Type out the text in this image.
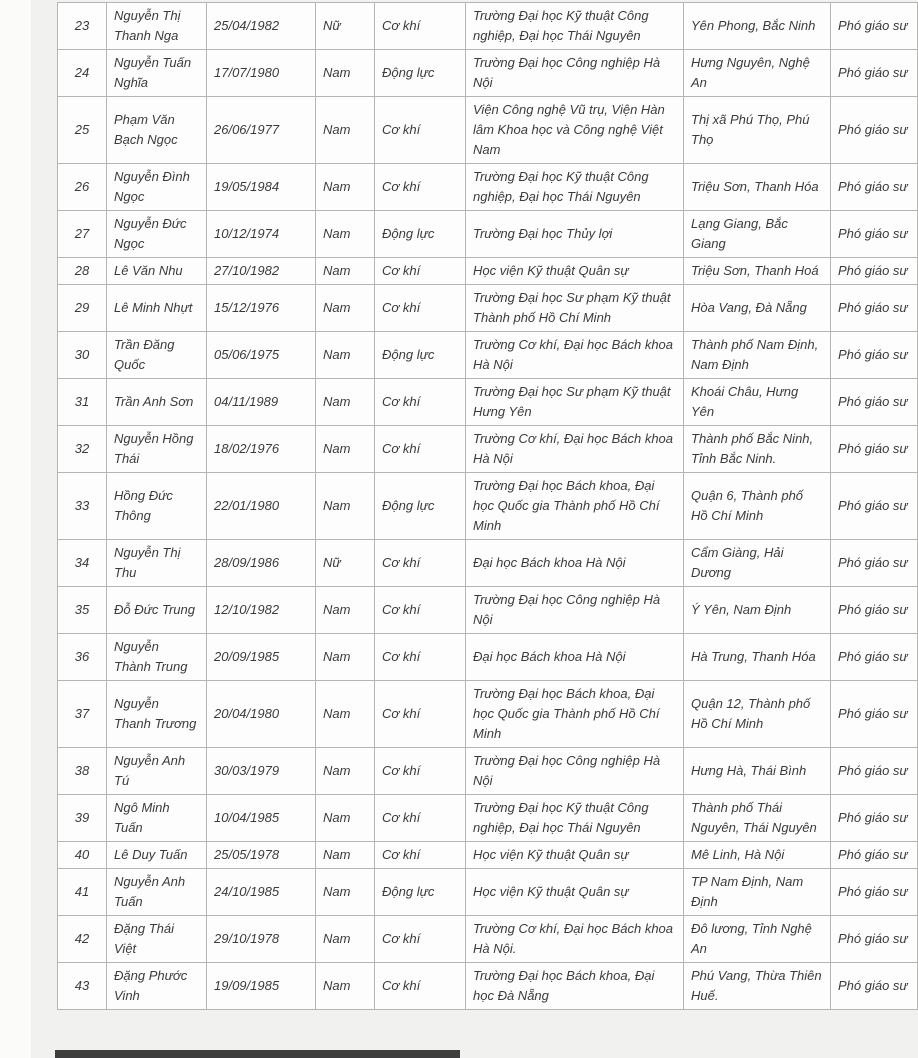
23	Nguyễn Thị Thanh Nga	25/04/1982	Nữ	Cơ khí	Trường Đại học Kỹ thuật Công nghiệp, Đại học Thái Nguyên	Yên Phong, Bắc Ninh	Phó giáo sư
24	Nguyễn Tuấn Nghĩa	17/07/1980	Nam	Động lực	Trường Đại học Công nghiệp Hà Nội	Hưng Nguyên, Nghệ An	Phó giáo sư
25	Phạm Văn Bạch Ngọc	26/06/1977	Nam	Cơ khí	Viện Công nghệ Vũ trụ, Viện Hàn lâm Khoa học và Công nghệ Việt Nam	Thị xã Phú Thọ, Phú Thọ	Phó giáo sư
26	Nguyễn Đình Ngọc	19/05/1984	Nam	Cơ khí	Trường Đại học Kỹ thuật Công nghiệp, Đại học Thái Nguyên	Triệu Sơn, Thanh Hóa	Phó giáo sư
27	Nguyễn Đức Ngọc	10/12/1974	Nam	Động lực	Trường Đại học Thủy lợi	Lạng Giang, Bắc Giang	Phó giáo sư
28	Lê Văn Nhu	27/10/1982	Nam	Cơ khí	Học viện Kỹ thuật Quân sự	Triệu Sơn, Thanh Hoá	Phó giáo sư
29	Lê Minh Nhựt	15/12/1976	Nam	Cơ khí	Trường Đại học Sư phạm Kỹ thuật Thành phố Hồ Chí Minh	Hòa Vang, Đà Nẵng	Phó giáo sư
30	Trần Đăng Quốc	05/06/1975	Nam	Động lực	Trường Cơ khí, Đại học Bách khoa Hà Nội	Thành phố Nam Định, Nam Định	Phó giáo sư
31	Trần Anh Sơn	04/11/1989	Nam	Cơ khí	Trường Đại học Sư phạm Kỹ thuật Hưng Yên	Khoái Châu, Hưng Yên	Phó giáo sư
32	Nguyễn Hồng Thái	18/02/1976	Nam	Cơ khí	Trường Cơ khí, Đại học Bách khoa Hà Nội	Thành phố Bắc Ninh, Tỉnh Bắc Ninh.	Phó giáo sư
33	Hồng Đức Thông	22/01/1980	Nam	Động lực	Trường Đại học Bách khoa, Đại học Quốc gia Thành phố Hồ Chí Minh	Quận 6, Thành phố Hồ Chí Minh	Phó giáo sư
34	Nguyễn Thị Thu	28/09/1986	Nữ	Cơ khí	Đại học Bách khoa Hà Nội	Cẩm Giàng, Hải Dương	Phó giáo sư
35	Đỗ Đức Trung	12/10/1982	Nam	Cơ khí	Trường Đại học Công nghiệp Hà Nội	Ý Yên, Nam Định	Phó giáo sư
36	Nguyễn Thành Trung	20/09/1985	Nam	Cơ khí	Đại học Bách khoa Hà Nội	Hà Trung, Thanh Hóa	Phó giáo sư
37	Nguyễn Thanh Trương	20/04/1980	Nam	Cơ khí	Trường Đại học Bách khoa, Đại học Quốc gia Thành phố Hồ Chí Minh	Quận 12, Thành phố Hồ Chí Minh	Phó giáo sư
38	Nguyễn Anh Tú	30/03/1979	Nam	Cơ khí	Trường Đại học Công nghiệp Hà Nội	Hưng Hà, Thái Bình	Phó giáo sư
39	Ngô Minh Tuấn	10/04/1985	Nam	Cơ khí	Trường Đại học Kỹ thuật Công nghiệp, Đại học Thái Nguyên	Thành phố Thái Nguyên, Thái Nguyên	Phó giáo sư
40	Lê Duy Tuấn	25/05/1978	Nam	Cơ khí	Học viện Kỹ thuật Quân sự	Mê Linh, Hà Nội	Phó giáo sư
41	Nguyễn Anh Tuấn	24/10/1985	Nam	Động lực	Học viện Kỹ thuật Quân sự	TP Nam Định, Nam Định	Phó giáo sư
42	Đặng Thái Việt	29/10/1978	Nam	Cơ khí	Trường Cơ khí, Đại học Bách khoa Hà Nội.	Đô lương, Tỉnh Nghệ An	Phó giáo sư
43	Đặng Phước Vinh	19/09/1985	Nam	Cơ khí	Trường Đại học Bách khoa, Đại học Đà Nẵng	Phú Vang, Thừa Thiên Huế.	Phó giáo sư
